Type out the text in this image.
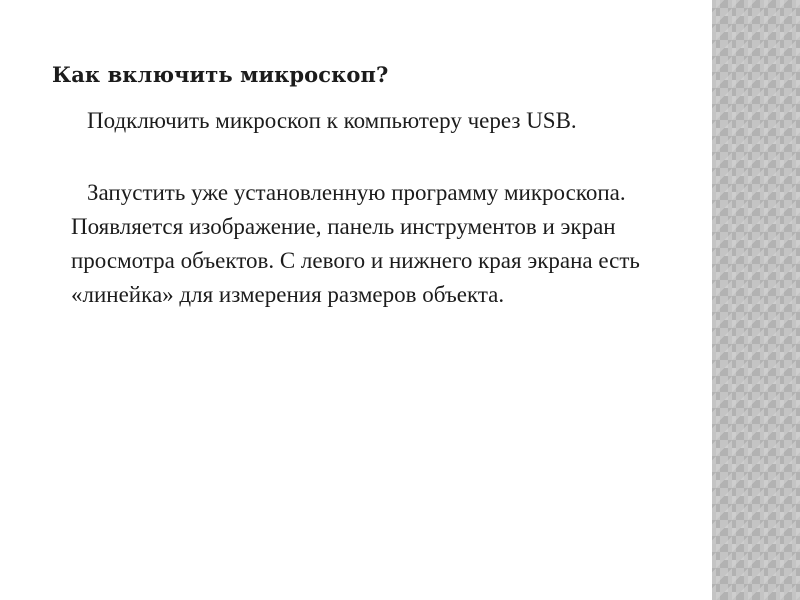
Как включить микроскоп?

Подключить микроскоп к компьютеру через USB.

Запустить уже установленную программу микроскопа. Появляется изображение, панель инструментов и экран просмотра объектов. С левого и нижнего края экрана есть «линейка» для измерения размеров объекта.
